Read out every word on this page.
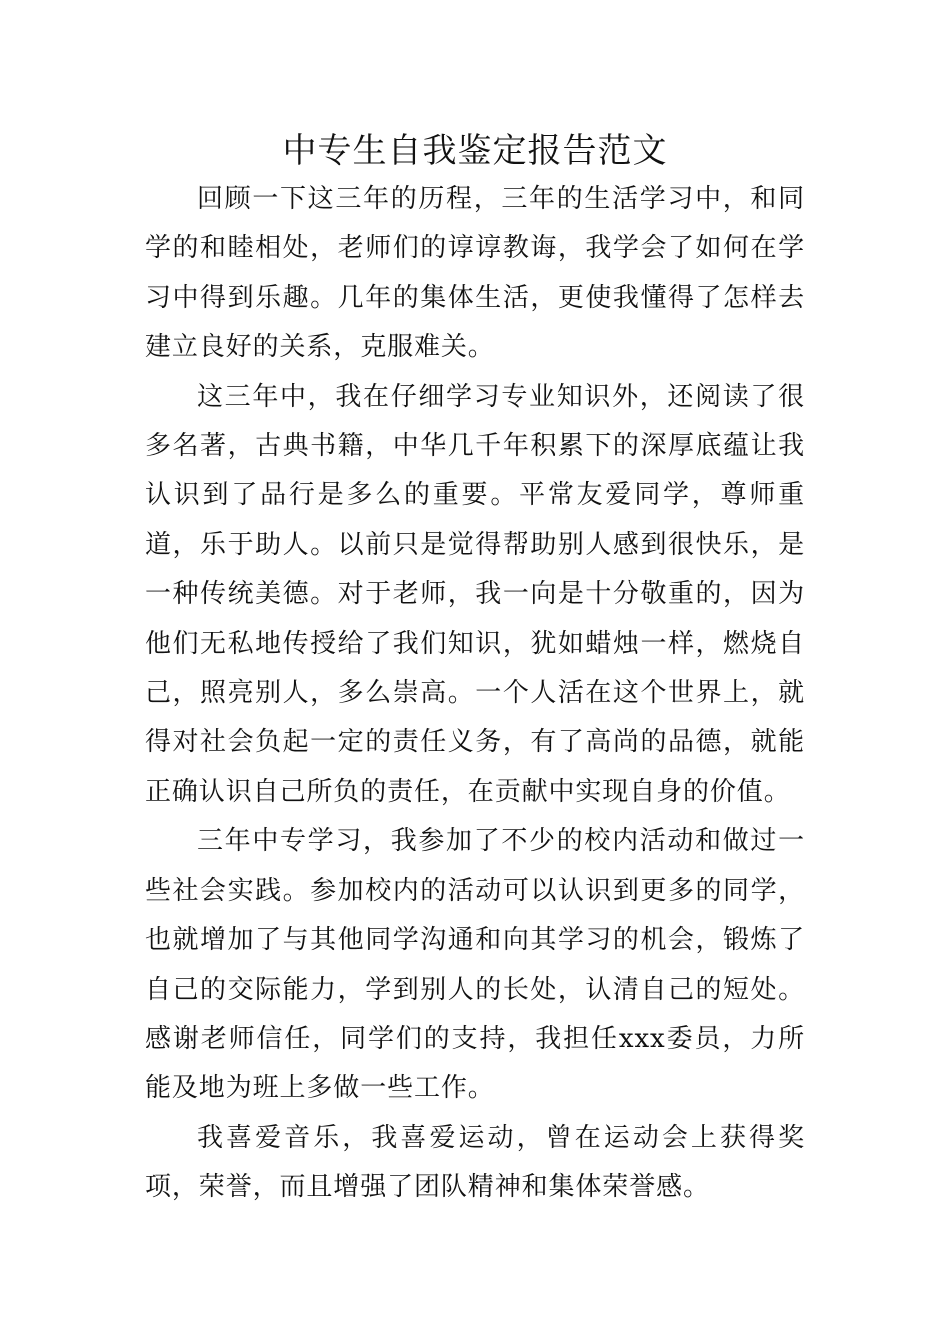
中专生自我鉴定报告范文

回顾一下这三年的历程，三年的生活学习中，和同学的和睦相处，老师们的谆谆教诲，我学会了如何在学习中得到乐趣。几年的集体生活，更使我懂得了怎样去建立良好的关系，克服难关。

这三年中，我在仔细学习专业知识外，还阅读了很多名著，古典书籍，中华几千年积累下的深厚底蕴让我认识到了品行是多么的重要。平常友爱同学，尊师重道，乐于助人。以前只是觉得帮助别人感到很快乐，是一种传统美德。对于老师，我一向是十分敬重的，因为他们无私地传授给了我们知识，犹如蜡烛一样，燃烧自己，照亮别人，多么崇高。一个人活在这个世界上，就得对社会负起一定的责任义务，有了高尚的品德，就能正确认识自己所负的责任，在贡献中实现自身的价值。

三年中专学习，我参加了不少的校内活动和做过一些社会实践。参加校内的活动可以认识到更多的同学，也就增加了与其他同学沟通和向其学习的机会，锻炼了自己的交际能力，学到别人的长处，认清自己的短处。感谢老师信任，同学们的支持，我担任xxx委员，力所能及地为班上多做一些工作。

我喜爱音乐，我喜爱运动，曾在运动会上获得奖项，荣誉，而且增强了团队精神和集体荣誉感。
